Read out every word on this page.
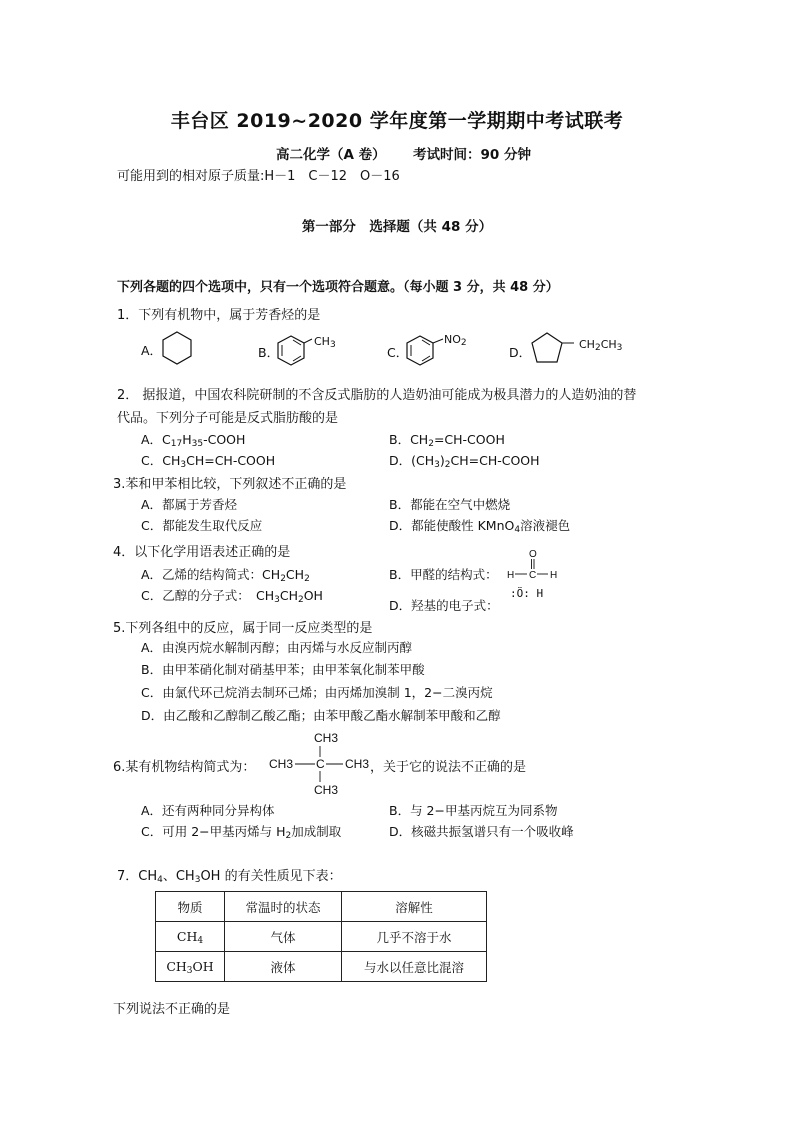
丰台区 2019~2020 学年度第一学期期中考试联考
高二化学（A 卷） 考试时间：90 分钟
可能用到的相对原子质量:H－1　C－12　O－16
第一部分　选择题（共 48 分）
下列各题的四个选项中，只有一个选项符合题意。（每小题 3 分，共 48 分）
1．下列有机物中，属于芳香烃的是
A．	B．
$CH_3$	C．
$NO_2$
D．
$CH_2CH_3$
2． 据报道，中国农科院研制的不含反式脂肪的人造奶油可能成为极具潜力的人造奶油的替
代品。下列分子可能是反式脂肪酸的是
A．$C_{17}H_{35}$-COOH	B．$CH_2=CH$-COOH
C．$CH_3CH=CH$-COOH	D．$(CH_3)_2CH=CH$-COOH
3.苯和甲苯相比较，下列叙述不正确的是
A．都属于芳香烃	B．都能在空气中燃烧
C．都能发生取代反应	D．都能使酸性 KMnO$_4$溶液褪色
4．以下化学用语表述正确的是
A．乙烯的结构简式：$CH_2CH_2$	B．甲醛的结构式：
O
H C H
C．乙醇的分子式：　$CH_3CH_2OH$
D．羟基的电子式：
:Ö: H
5.下列各组中的反应，属于同一反应类型的是
A．由溴丙烷水解制丙醇；由丙烯与水反应制丙醇
B．由甲苯硝化制对硝基甲苯；由甲苯氧化制苯甲酸
C．由氯代环己烷消去制环己烯；由丙烯加溴制 1，2−二溴丙烷
D．由乙酸和乙醇制乙酸乙酯；由苯甲酸乙酯水解制苯甲酸和乙醇
6.某有机物结构简式为：
CH3
CH3 C CH3
CH3
，关于它的说法不正确的是
A．还有两种同分异构体	B．与 2−甲基丙烷互为同系物
C．可用 2−甲基丙烯与 $H_2$加成制取	D．核磁共振氢谱只有一个吸收峰
7．$CH_4$、$CH_3OH$ 的有关性质见下表：
物质	常温时的状态	溶解性
$CH_4$	气体	几乎不溶于水
$CH_3OH$	液体	与水以任意比混溶
下列说法不正确的是
